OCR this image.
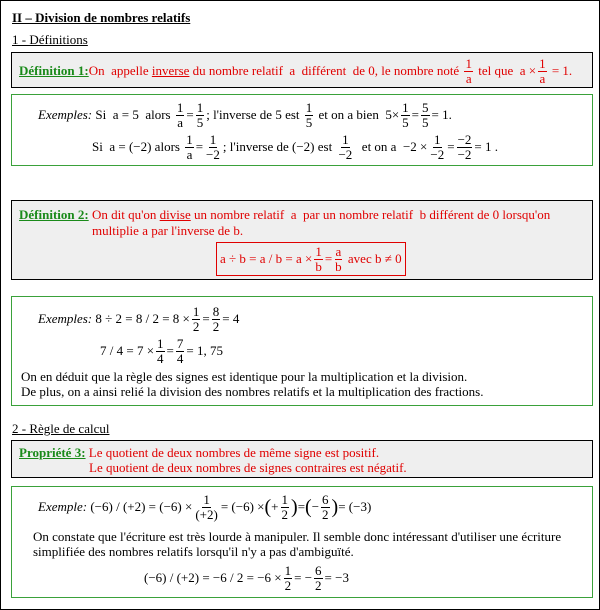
II – Division de nombres relatifs
1 - Définitions
Définition 1: On  appelle inverse du nombre relatif  a  différent  de 0, le nombre noté $\frac{1}{a}$ tel que  $a \times \frac{1}{a} = 1$.
Exemples: Si  a = 5  alors $\frac{1}{a} = \frac{1}{5}$ ; l'inverse de 5 est $\frac{1}{5}$ et on a bien  $5\times \frac{1}{5} = \frac{5}{5} = 1$.
Si  a = (−2) alors $\frac{1}{a} = \frac{1}{-2}$ ; l'inverse de (−2) est $\frac{1}{-2}$ et on $a -2 \times \frac{1}{-2} = \frac{-2}{-2} = 1$ .
Définition 2: On dit qu'on divise un nombre relatif  a  par un nombre relatif  b différent de 0 lorsqu'on
multiplie a par l'inverse de b.
$a \div b = a / b = a \times \frac{1}{b} = \frac{a}{b}$ avec b ≠ 0
Exemples: $8 \div 2 = 8 / 2 = 8 \times \frac{1}{2} = \frac{8}{2} = 4$
$7 / 4 = 7 \times \frac{1}{4} = \frac{7}{4} = 1$, 75
On en déduit que la règle des signes est identique pour la multiplication et la division.
De plus, on a ainsi relié la division des nombres relatifs et la multiplication des fractions.
2 - Règle de calcul
Propriété 3: Le quotient de deux nombres de même signe est positif.
Le quotient de deux nombres de signes contraires est négatif.
Exemple: $(-6) / (+2) = (-6) \times \frac{1}{(+2)} = (-6)$ × ( + $\frac{1}{2}$ ) = ( − $\frac{6}{2}$ ) = (−3)
On constate que l'écriture est très lourde à manipuler. Il semble donc intéressant d'utiliser une écriture
simplifiée des nombres relatifs lorsqu'il n'y a pas d'ambiguïté.
$(-6) / (+2) = -6 / 2 = -6 \times \frac{1}{2}$ = − $\frac{6}{2} = -3$
